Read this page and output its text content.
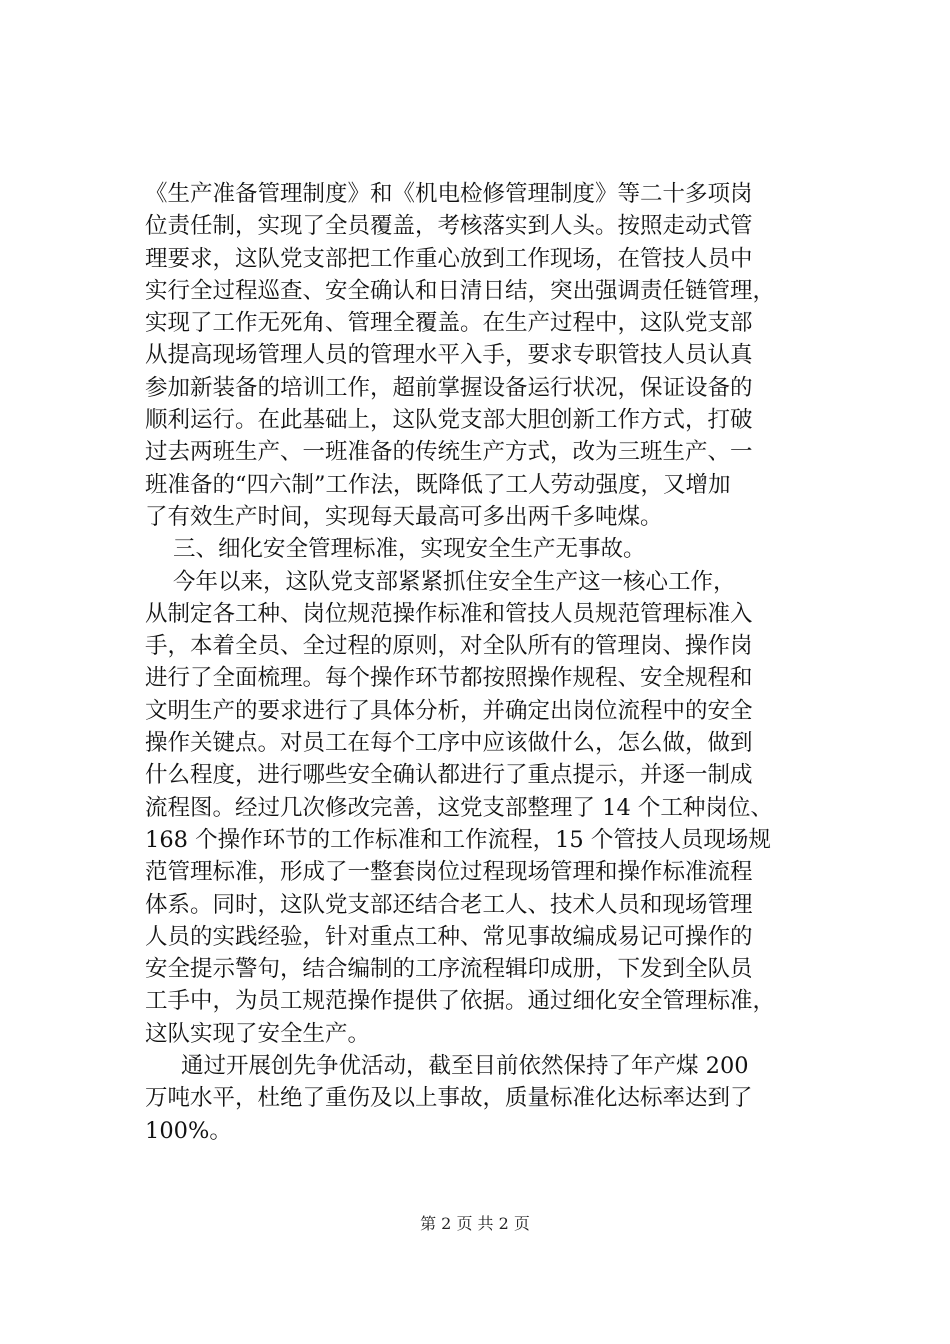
《生产准备管理制度》和《机电检修管理制度》等二十多项岗
位责任制，实现了全员覆盖，考核落实到人头。按照走动式管
理要求，这队党支部把工作重心放到工作现场，在管技人员中
实行全过程巡查、安全确认和日清日结，突出强调责任链管理，
实现了工作无死角、管理全覆盖。在生产过程中，这队党支部
从提高现场管理人员的管理水平入手，要求专职管技人员认真
参加新装备的培训工作，超前掌握设备运行状况，保证设备的
顺利运行。在此基础上，这队党支部大胆创新工作方式，打破
过去两班生产、一班准备的传统生产方式，改为三班生产、一
班准备的“四六制”工作法，既降低了工人劳动强度，又增加
了有效生产时间，实现每天最高可多出两千多吨煤。
三、细化安全管理标准，实现安全生产无事故。
今年以来，这队党支部紧紧抓住安全生产这一核心工作，
从制定各工种、岗位规范操作标准和管技人员规范管理标准入
手，本着全员、全过程的原则，对全队所有的管理岗、操作岗
进行了全面梳理。每个操作环节都按照操作规程、安全规程和
文明生产的要求进行了具体分析，并确定出岗位流程中的安全
操作关键点。对员工在每个工序中应该做什么，怎么做，做到
什么程度，进行哪些安全确认都进行了重点提示，并逐一制成
流程图。经过几次修改完善，这党支部整理了 14 个工种岗位、
168 个操作环节的工作标准和工作流程，15 个管技人员现场规
范管理标准，形成了一整套岗位过程现场管理和操作标准流程
体系。同时，这队党支部还结合老工人、技术人员和现场管理
人员的实践经验，针对重点工种、常见事故编成易记可操作的
安全提示警句，结合编制的工序流程辑印成册，下发到全队员
工手中，为员工规范操作提供了依据。通过细化安全管理标准，
这队实现了安全生产。
通过开展创先争优活动，截至目前依然保持了年产煤 200
万吨水平，杜绝了重伤及以上事故，质量标准化达标率达到了
100%。
第 2 页 共 2 页
